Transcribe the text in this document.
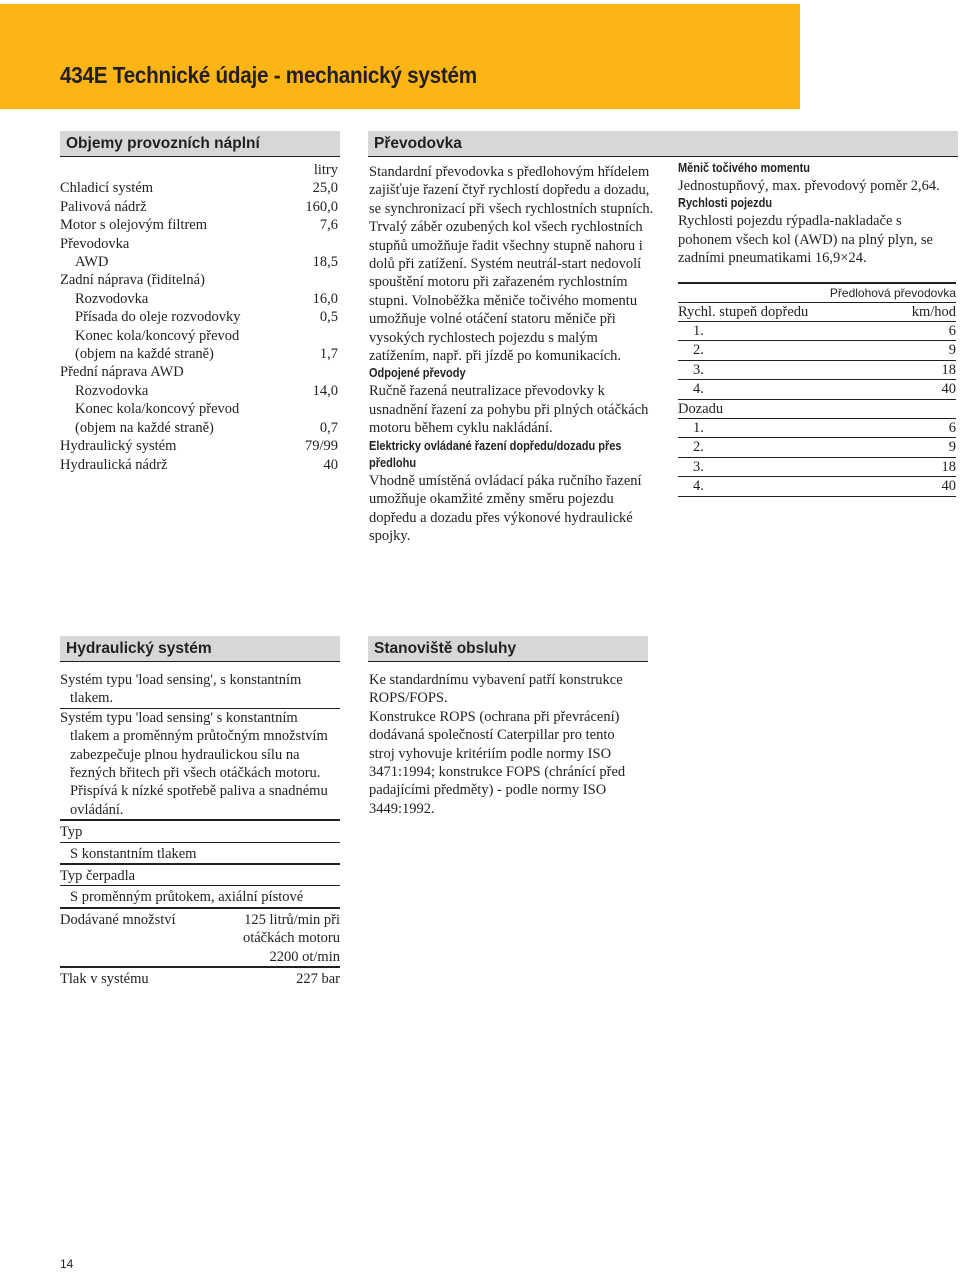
434E Technické údaje - mechanický systém
Objemy provozních náplní
litry
Chladicí systém	25,0
Palivová nádrž	160,0
Motor s olejovým filtrem	7,6
Převodovka
AWD	18,5
Zadní náprava (řiditelná)
Rozvodovka	16,0
Přísada do oleje rozvodovky	0,5
Konec kola/koncový převod
(objem na každé straně)	1,7
Přední náprava AWD
Rozvodovka	14,0
Konec kola/koncový převod
(objem na každé straně)	0,7
Hydraulický systém	79/99
Hydraulická nádrž	40
Převodovka

Standardní převodovka s předlohovým hřídelem zajišťuje řazení čtyř rychlostí dopředu a dozadu, se synchronizací při všech rychlostních stupních. Trvalý záběr ozubených kol všech rychlostních stupňů umožňuje řadit všechny stupně nahoru i dolů při zatížení. Systém neutrál-start nedovolí spouštění motoru při zařazeném rychlostním stupni. Volnoběžka měniče točivého momentu umožňuje volné otáčení statoru měniče při vysokých rychlostech pojezdu s malým zatížením, např. při jízdě po komunikacích.

Odpojené převody

Ručně řazená neutralizace převodovky k usnadnění řazení za pohybu při plných otáčkách motoru během cyklu nakládání.

Elektricky ovládané řazení dopředu/dozadu přes předlohu

Vhodně umístěná ovládací páka ručního řazení umožňuje okamžité změny směru pojezdu dopředu a dozadu přes výkonové hydraulické spojky.

Měnič točivého momentu

Jednostupňový, max. převodový poměr 2,64.

Rychlosti pojezdu

Rychlosti pojezdu rýpadla-nakladače s pohonem všech kol (AWD) na plný plyn, se zadními pneumatikami 16,9×24.

Předlohová převodovka
Rychl. stupeň dopředu	km/hod
1.	6
2.	9
3.	18
4.	40
Dozadu
1.	6
2.	9
3.	18
4.	40
Hydraulický systém

Systém typu 'load sensing', s konstantním tlakem.

Systém typu 'load sensing' s konstantním tlakem a proměnným průtočným množstvím zabezpečuje plnou hydraulickou sílu na řezných břitech při všech otáčkách motoru. Přispívá k nízké spotřebě paliva a snadnému ovládání.

Typ
S konstantním tlakem
Typ čerpadla
S proměnným průtokem, axiální pístové
Dodávané množství	125 litrů/min při
otáčkách motoru
2200 ot/min
Tlak v systému	227 bar
Stanoviště obsluhy

Ke standardnímu vybavení patří konstrukce ROPS/FOPS.

Konstrukce ROPS (ochrana při převrácení) dodávaná společností Caterpillar pro tento stroj vyhovuje kritériím podle normy ISO 3471:1994; konstrukce FOPS (chránící před padajícími předměty) - podle normy ISO 3449:1992.

14
